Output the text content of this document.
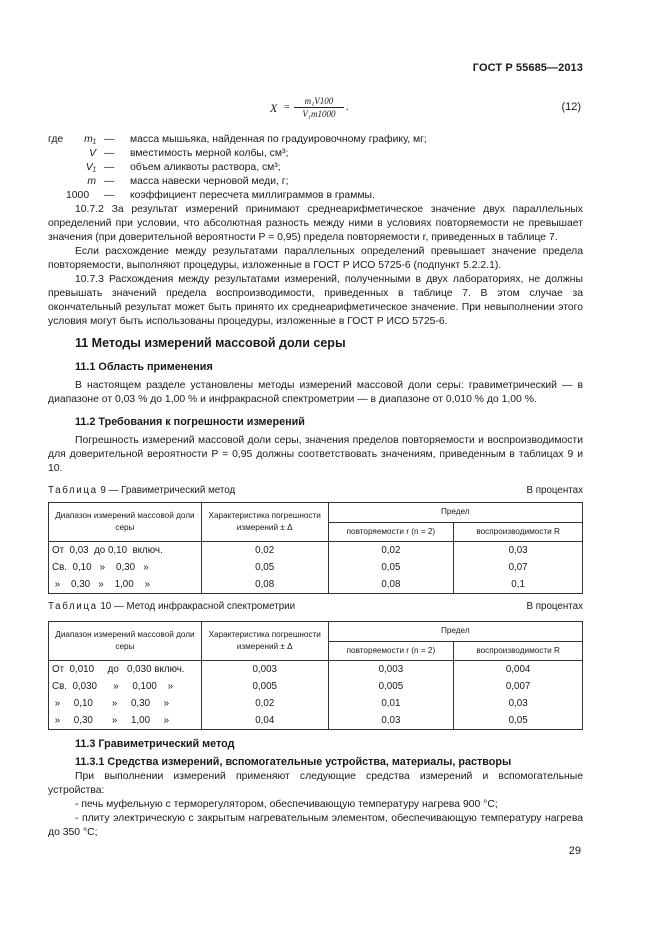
ГОСТ Р 55685—2013
$X = \frac{\text{m₁V100}}{\text{V₁m1000}}$ .	(12)
где	m₁ — масса мышьяка, найденная по градуировочному графику, мг;
V — вместимость мерной колбы, см³;
V₁ — объем аликвоты раствора, см³;
m — масса навески черновой меди, г;
1000 — коэффициент пересчета миллиграммов в граммы.

10.7.2 За результат измерений принимают среднеарифметическое значение двух параллельных определений при условии, что абсолютная разность между ними в условиях повторяемости не превышает значения (при доверительной вероятности P = 0,95) предела повторяемости r, приведенных в таблице 7.

Если расхождение между результатами параллельных определений превышает значение предела повторяемости, выполняют процедуры, изложенные в ГОСТ Р ИСО 5725-6 (подпункт 5.2.2.1).

10.7.3 Расхождения между результатами измерений, полученными в двух лабораториях, не должны превышать значений предела воспроизводимости, приведенных в таблице 7. В этом случае за окончательный результат может быть принято их среднеарифметическое значение. При невыполнении этого условия могут быть использованы процедуры, изложенные в ГОСТ Р ИСО 5725-6.

11 Методы измерений массовой доли серы
11.1 Область применения

В настоящем разделе установлены методы измерений массовой доли серы: гравиметрический — в диапазоне от 0,03 % до 1,00 % и инфракрасной спектрометрии — в диапазоне от 0,010 % до 1,00 %.

11.2 Требования к погрешности измерений

Погрешность измерений массовой доли серы, значения пределов повторяемости и воспроизводимости для доверительной вероятности P = 0,95 должны соответствовать значениям, приведенным в таблицах 9 и 10.

Таблица 9 — Гравиметрический метод	В процентах
Диапазон измерений массовой доли серы	Характеристика погрешности измерений ± Δ	Предел	
		повторяемости r (n = 2)	воспроизводимости R
От  0,03  до 0,10  включ.	0,02	0,02	0,03
Св.  0,10   »    0,30   »	0,05	0,05	0,07
»    0,30   »    1,00    »	0,08	0,08	0,1
Таблица 10 — Метод инфракрасной спектрометрии	В процентах
Диапазон измерений массовой доли серы	Характеристика погрешности измерений ± Δ	Предел	
		повторяемости r (n = 2)	воспроизводимости R
От  0,010     до   0,030 включ.	0,003	0,003	0,004
Св.  0,030      »     0,100    »	0,005	0,005	0,007
»     0,10       »     0,30     »	0,02	0,01	0,03
»     0,30       »     1,00     »	0,04	0,03	0,05
11.3 Гравиметрический метод
11.3.1 Средства измерений, вспомогательные устройства, материалы, растворы

При выполнении измерений применяют следующие средства измерений и вспомогательные устройства:

- печь муфельную с терморегулятором, обеспечивающую температуру нагрева 900 °C;

- плиту электрическую с закрытым нагревательным элементом, обеспечивающую температуру нагрева до 350 °C;

29
